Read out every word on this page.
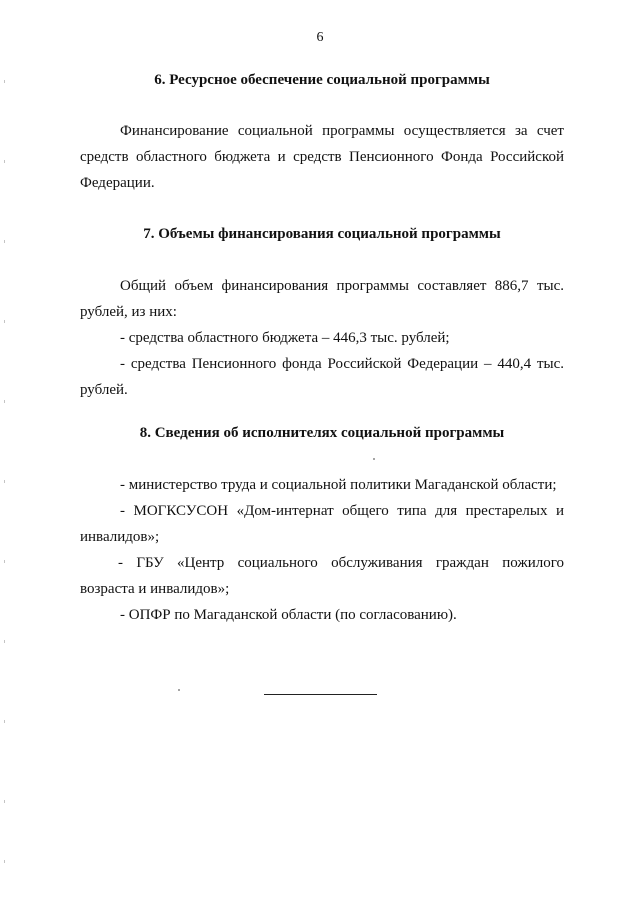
6
6. Ресурсное обеспечение социальной программы

Финансирование социальной программы осуществляется за счет средств областного бюджета и средств Пенсионного Фонда Российской Федерации.

7. Объемы финансирования социальной программы

Общий объем финансирования программы составляет 886,7 тыс. рублей, из них:

- средства областного бюджета – 446,3 тыс. рублей;

- средства Пенсионного фонда Российской Федерации – 440,4 тыс. рублей.

8. Сведения об исполнителях социальной программы

- министерство труда и социальной политики Магаданской области;

- МОГКСУСОН «Дом-интернат общего типа для престарелых и инвалидов»;

- ГБУ «Центр социального обслуживания граждан пожилого возраста и инвалидов»;

- ОПФР по Магаданской области (по согласованию).
